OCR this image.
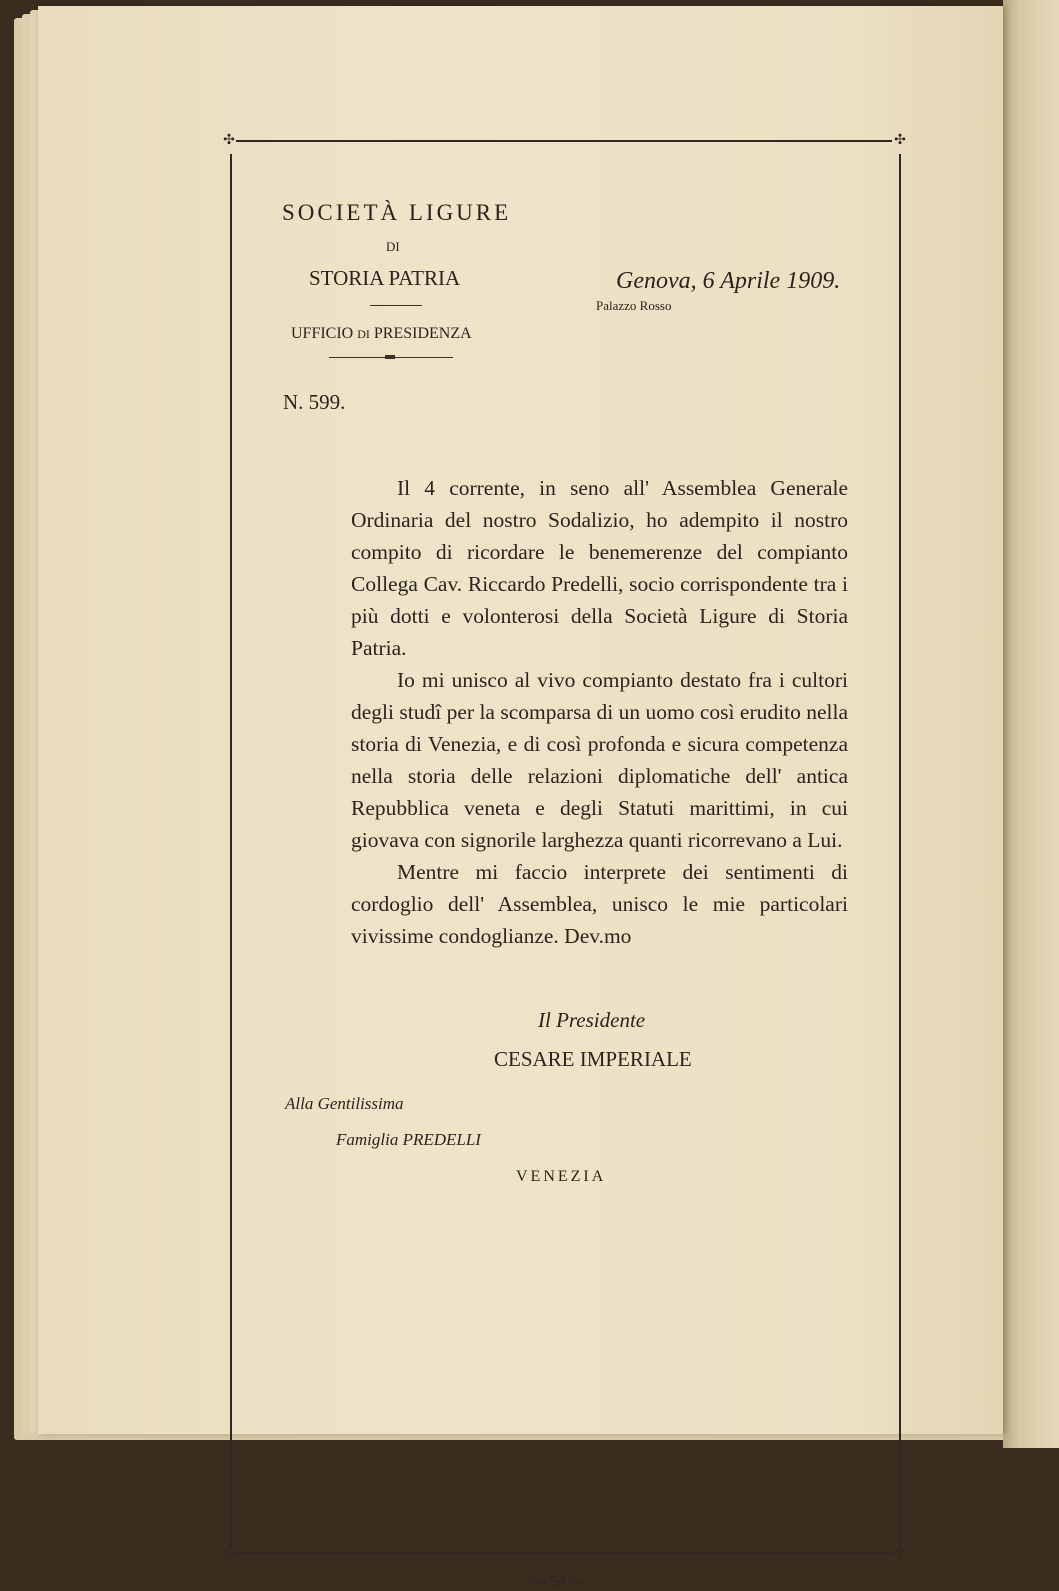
✣	✣
✣	✣
SOCIETÀ LIGURE
DI
STORIA PATRIA
UFFICIO DI PRESIDENZA
Genova, 6 Aprile 1909.
Palazzo Rosso
N. 599.

Il 4 corrente, in seno all' Assemblea Generale Ordinaria del nostro Sodalizio, ho adempito il nostro compito di ricordare le benemerenze del compianto Collega Cav. Riccardo Predelli, socio corrispondente tra i più dotti e volonterosi della Società Ligure di Storia Patria.

Io mi unisco al vivo compianto destato fra i cultori degli studî per la scomparsa di un uomo così erudito nella storia di Venezia, e di così profonda e sicura competenza nella storia delle relazioni diplomatiche dell' antica Repubblica veneta e degli Statuti marittimi, in cui giovava con signorile larghezza quanti ricorrevano a Lui.

Mentre mi faccio interprete dei sentimenti di cordoglio dell' Assemblea, unisco le mie particolari vivissime condoglianze. Dev.mo

Il Presidente
CESARE IMPERIALE
Alla Gentilissima
Famiglia PREDELLI
VENEZIA
— 54 —
